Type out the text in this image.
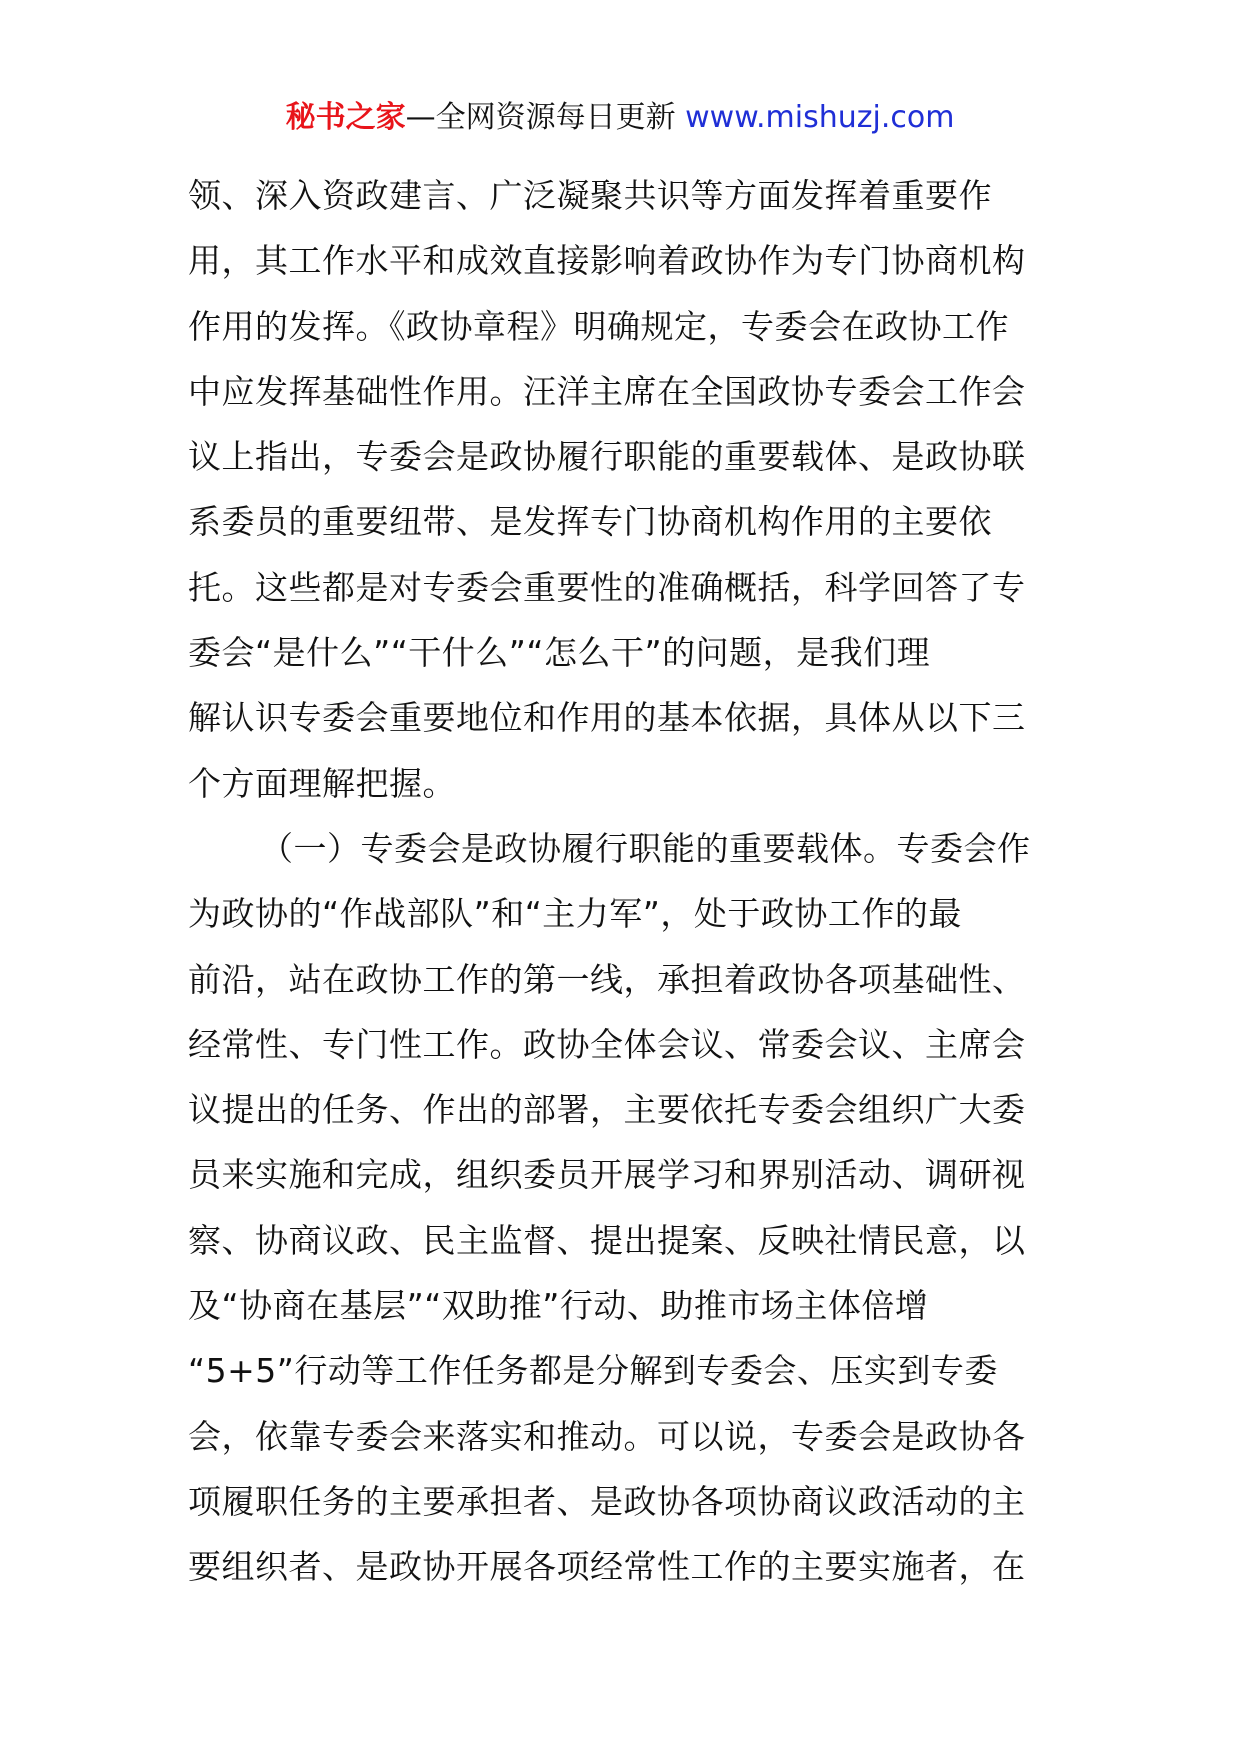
秘书之家—全网资源每日更新 www.mishuzj.com
领、深入资政建言、广泛凝聚共识等方面发挥着重要作
用，其工作水平和成效直接影响着政协作为专门协商机构
作用的发挥。《政协章程》明确规定，专委会在政协工作
中应发挥基础性作用。汪洋主席在全国政协专委会工作会
议上指出，专委会是政协履行职能的重要载体、是政协联
系委员的重要纽带、是发挥专门协商机构作用的主要依
托。这些都是对专委会重要性的准确概括，科学回答了专
委会“是什么”“干什么”“怎么干”的问题，是我们理
解认识专委会重要地位和作用的基本依据，具体从以下三
个方面理解把握。
（一）专委会是政协履行职能的重要载体。专委会作
为政协的“作战部队”和“主力军”，处于政协工作的最
前沿，站在政协工作的第一线，承担着政协各项基础性、
经常性、专门性工作。政协全体会议、常委会议、主席会
议提出的任务、作出的部署，主要依托专委会组织广大委
员来实施和完成，组织委员开展学习和界别活动、调研视
察、协商议政、民主监督、提出提案、反映社情民意，以
及“协商在基层”“双助推”行动、助推市场主体倍增
“5+5”行动等工作任务都是分解到专委会、压实到专委
会，依靠专委会来落实和推动。可以说，专委会是政协各
项履职任务的主要承担者、是政协各项协商议政活动的主
要组织者、是政协开展各项经常性工作的主要实施者，在
